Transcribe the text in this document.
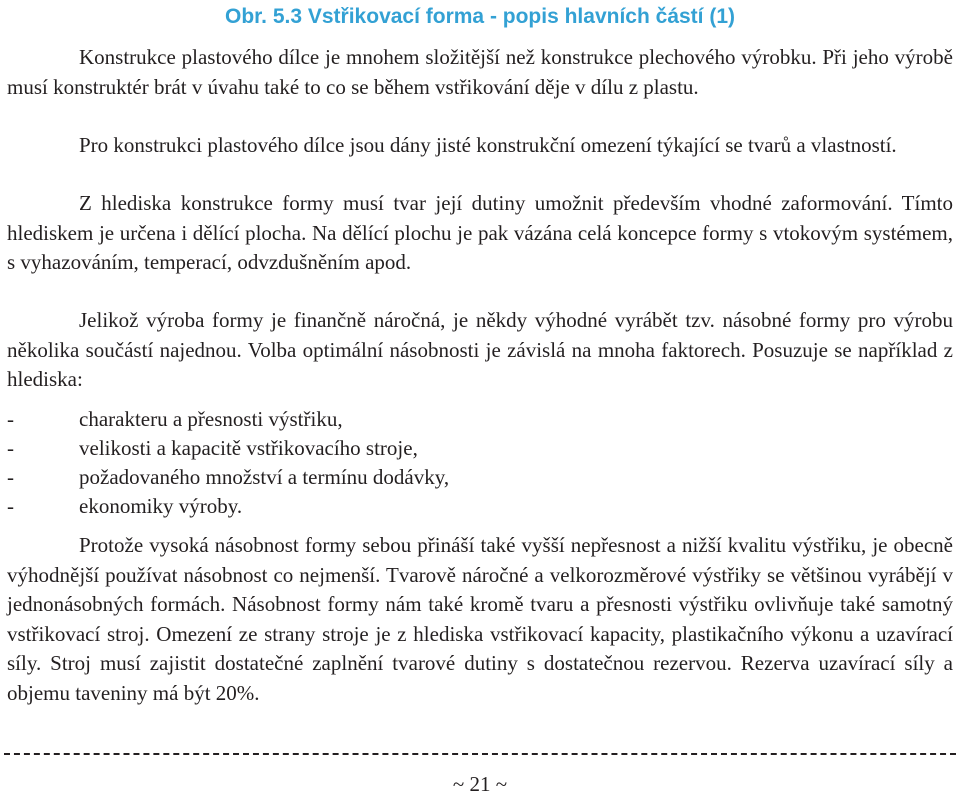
Obr. 5.3 Vstřikovací forma - popis hlavních částí (1)
Konstrukce plastového dílce je mnohem složitější než konstrukce plechového výrobku. Při jeho výrobě musí konstruktér brát v úvahu také to co se během vstřikování děje v dílu z plastu.
Pro konstrukci plastového dílce jsou dány jisté konstrukční omezení týkající se tvarů a vlastností.
Z hlediska konstrukce formy musí tvar její dutiny umožnit především vhodné zaformování. Tímto hlediskem je určena i dělící plocha. Na dělící plochu je pak vázána celá koncepce formy s vtokovým systémem, s vyhazováním, temperací, odvzdušněním apod.
Jelikož výroba formy je finančně náročná, je někdy výhodné vyrábět tzv. násobné formy pro výrobu několika součástí najednou. Volba optimální násobnosti je závislá na mnoha faktorech. Posuzuje se například z hlediska:
-	charakteru a přesnosti výstřiku,
-	velikosti a kapacitě vstřikovacího stroje,
-	požadovaného množství a termínu dodávky,
-	ekonomiky výroby.
Protože vysoká násobnost formy sebou přináší také vyšší nepřesnost a nižší kvalitu výstřiku, je obecně výhodnější používat násobnost co nejmenší. Tvarově náročné a velkorozměrové výstřiky se většinou vyrábějí v jednonásobných formách. Násobnost formy nám také kromě tvaru a přesnosti výstřiku ovlivňuje také samotný vstřikovací stroj. Omezení ze strany stroje je z hlediska vstřikovací kapacity, plastikačního výkonu a uzavírací síly. Stroj musí zajistit dostatečné zaplnění tvarové dutiny s dostatečnou rezervou. Rezerva uzavírací síly a objemu taveniny má být 20%.
~ 21 ~
